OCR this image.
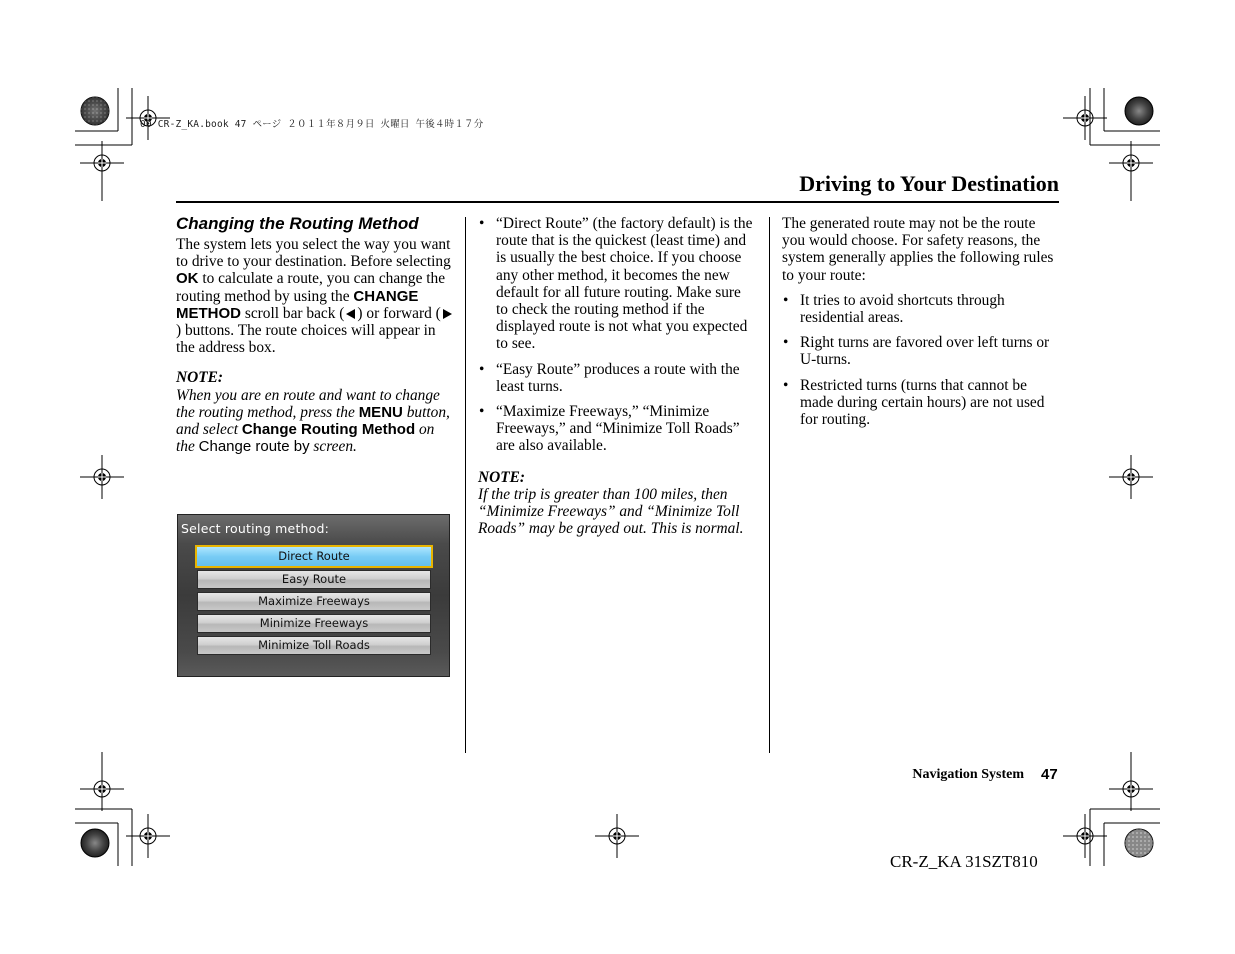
00 CR-Z_KA.book 47 ページ ２０１１年８月９日 火曜日 午後４時１７分
Driving to Your Destination
Changing the Routing Method

The system lets you select the way you want to drive to your destination. Before selecting OK to calculate a route, you can change the routing method by using the CHANGE METHOD scroll bar back ( ) or forward () buttons. The route choices will appear in the address box.

NOTE:

When you are en route and want to change the routing method, press the MENU button, and select Change Routing Method on the Change route by screen.

Select routing method:
Direct Route
Easy Route
Maximize Freeways
Minimize Freeways
Minimize Toll Roads
• “Direct Route” (the factory default) is the route that is the quickest (least time) and is usually the best choice. If you choose any other method, it becomes the new default for all future routing. Make sure to check the routing method if the displayed route is not what you expected to see.
• “Easy Route” produces a route with the least turns.
• “Maximize Freeways,” “Minimize Freeways,” and “Minimize Toll Roads” are also available.

NOTE:

If the trip is greater than 100 miles, then “Minimize Freeways” and “Minimize Toll Roads” may be grayed out. This is normal.

The generated route may not be the route you would choose. For safety reasons, the system generally applies the following rules to your route:

• It tries to avoid shortcuts through residential areas.
• Right turns are favored over left turns or U-turns.
• Restricted turns (turns that cannot be made during certain hours) are not used for routing.
Navigation System 47
CR-Z_KA 31SZT810
